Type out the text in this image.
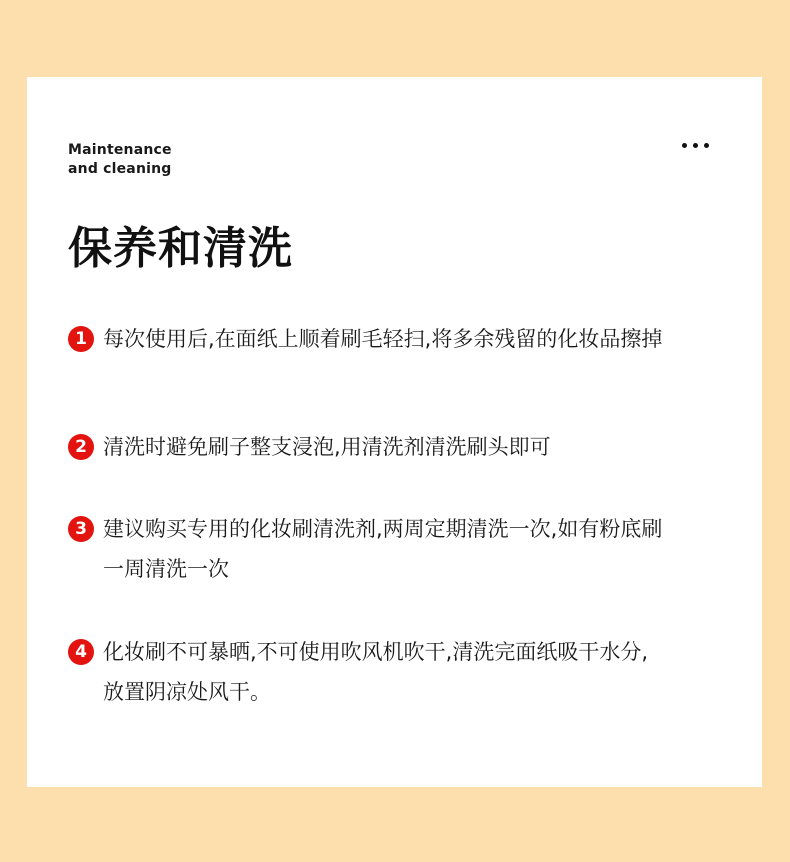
Maintenance
and cleaning
保养和清洗
1 每次使用后,在面纸上顺着刷毛轻扫,将多余残留的化妆品擦掉
2 清洗时避免刷子整支浸泡,用清洗剂清洗刷头即可
3 建议购买专用的化妆刷清洗剂,两周定期清洗一次,如有粉底刷一周清洗一次
4 化妆刷不可暴晒,不可使用吹风机吹干,清洗完面纸吸干水分,放置阴凉处风干。
